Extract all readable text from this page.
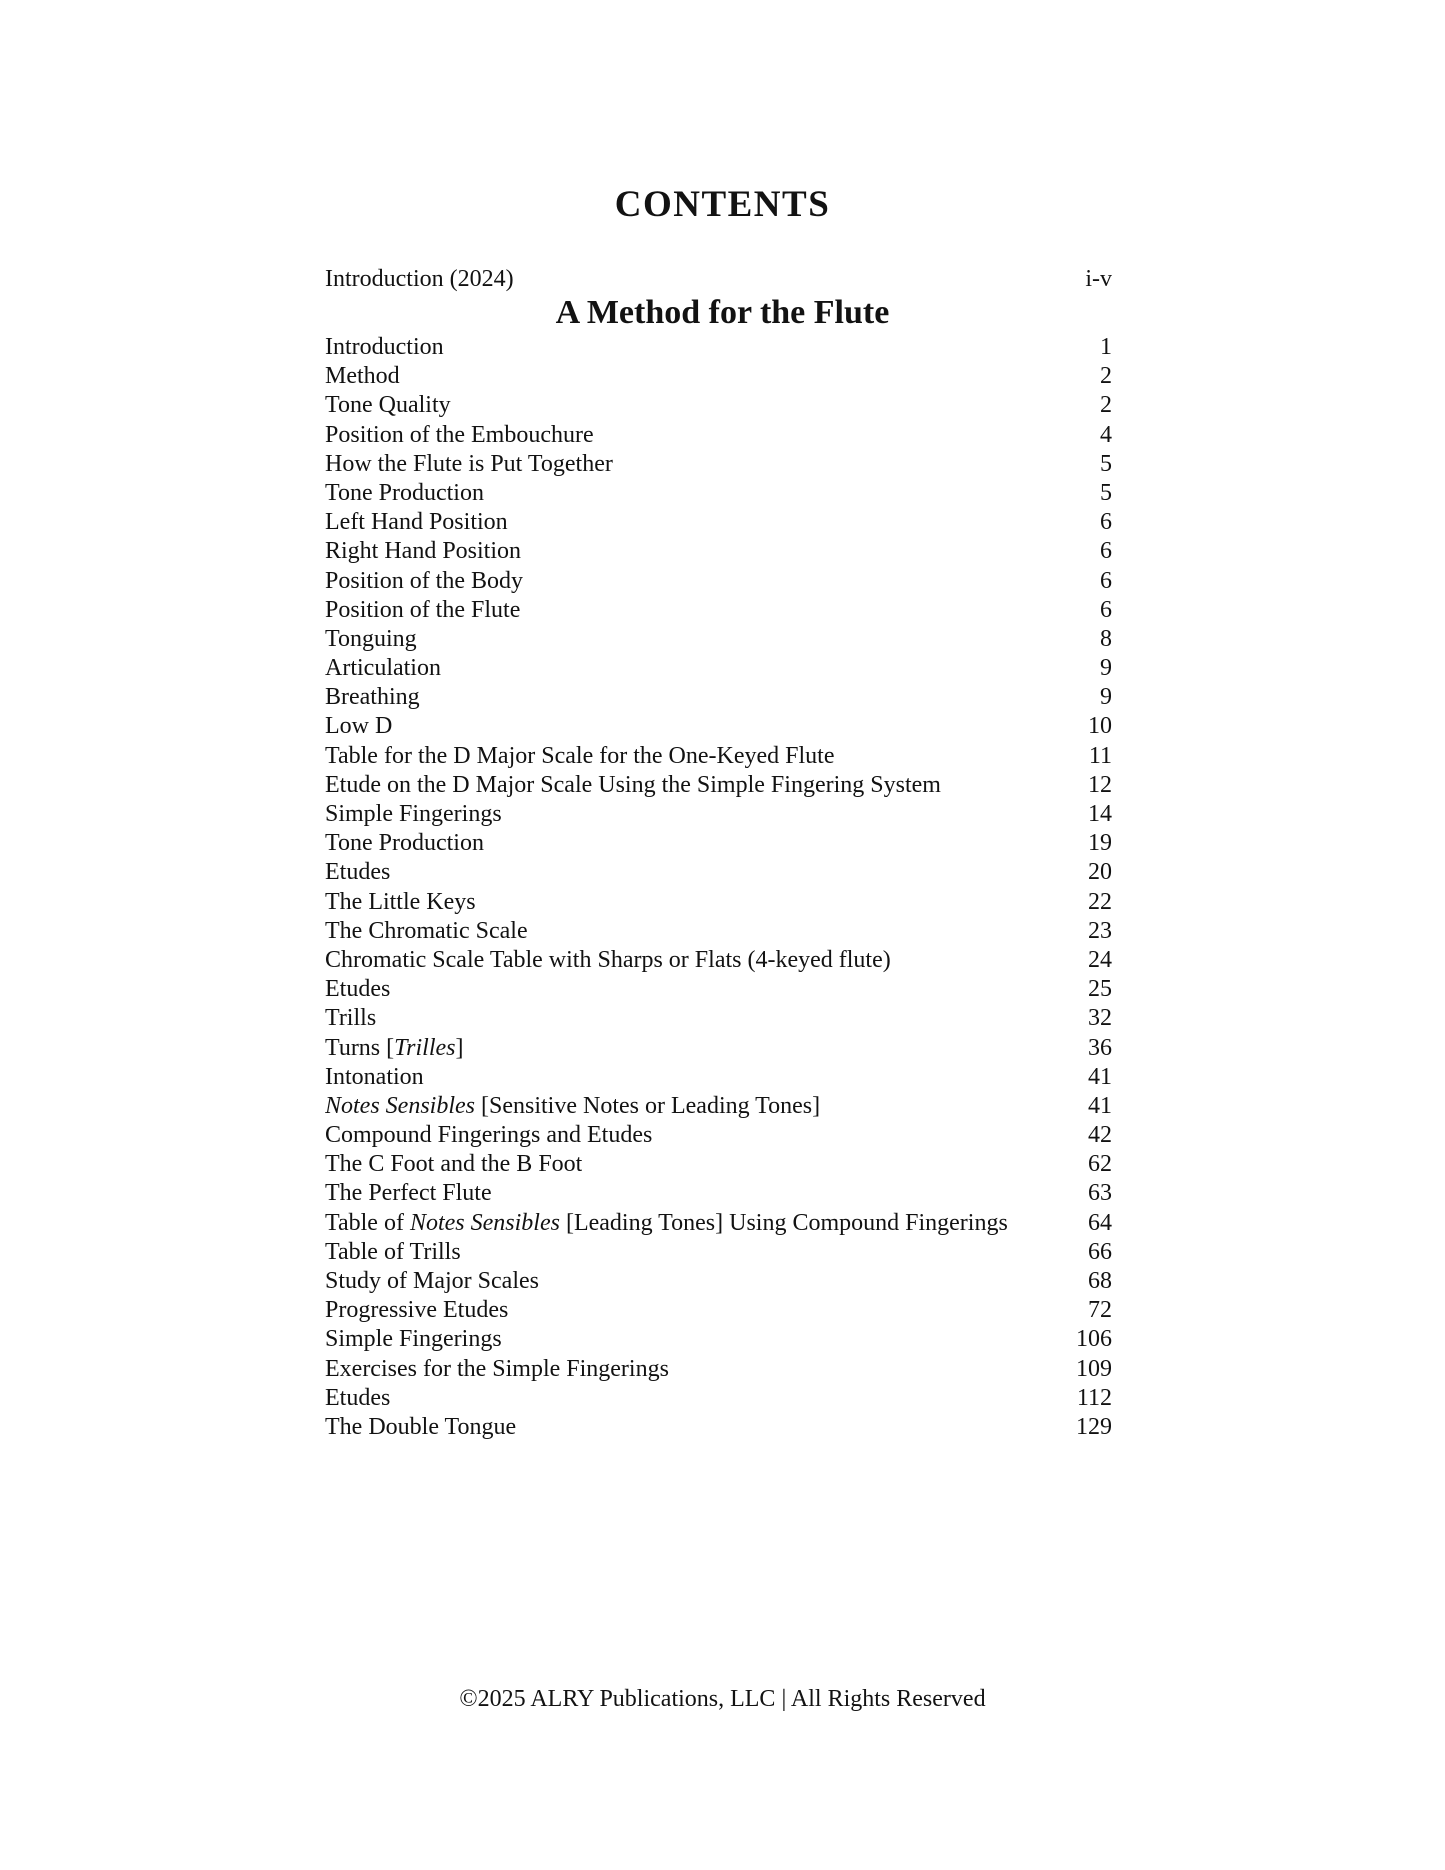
CONTENTS
Introduction (2024)	i-v
A Method for the Flute
Introduction	1
Method	2
Tone Quality	2
Position of the Embouchure	4
How the Flute is Put Together	5
Tone Production	5
Left Hand Position	6
Right Hand Position	6
Position of the Body	6
Position of the Flute	6
Tonguing	8
Articulation	9
Breathing	9
Low D	10
Table for the D Major Scale for the One-Keyed Flute	11
Etude on the D Major Scale Using the Simple Fingering System	12
Simple Fingerings	14
Tone Production	19
Etudes	20
The Little Keys	22
The Chromatic Scale	23
Chromatic Scale Table with Sharps or Flats (4-keyed flute)	24
Etudes	25
Trills	32
Turns [Trilles]	36
Intonation	41
Notes Sensibles [Sensitive Notes or Leading Tones]	41
Compound Fingerings and Etudes	42
The C Foot and the B Foot	62
The Perfect Flute	63
Table of Notes Sensibles [Leading Tones] Using Compound Fingerings	64
Table of Trills	66
Study of Major Scales	68
Progressive Etudes	72
Simple Fingerings	106
Exercises for the Simple Fingerings	109
Etudes	112
The Double Tongue	129
©2025 ALRY Publications, LLC | All Rights Reserved
